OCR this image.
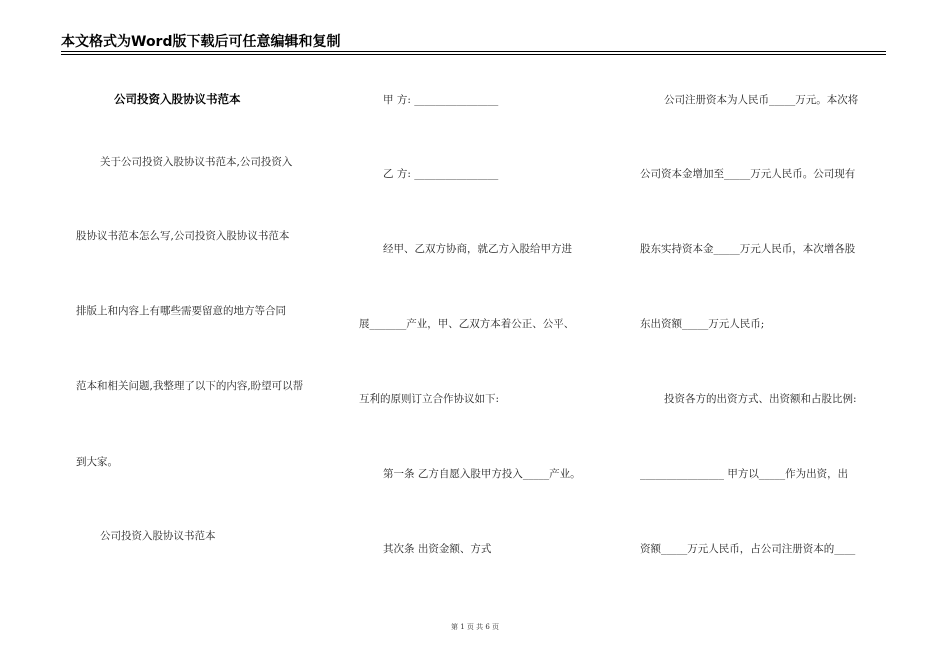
本文格式为Word版下载后可任意编辑和复制
公司投资入股协议书范本
关于公司投资入股协议书范本,公司投资入
股协议书范本怎么写,公司投资入股协议书范本
排版上和内容上有哪些需要留意的地方等合同
范本和相关问题,我整理了以下的内容,盼望可以帮
到大家。
公司投资入股协议书范本
甲 方: ________________
乙 方: ________________
经甲、乙双方协商，就乙方入股给甲方进
展_______产业，甲、乙双方本着公正、公平、
互利的原则订立合作协议如下:
第一条 乙方自愿入股甲方投入_____产业。
其次条 出资金额、方式
公司注册资本为人民币_____万元。本次将
公司资本金增加至_____万元人民币。公司现有
股东实持资本金_____万元人民币，本次增各股
东出资额_____万元人民币;
投资各方的出资方式、出资额和占股比例:
________________ 甲方以_____作为出资，出
资额_____万元人民币，占公司注册资本的____
第 1 页 共 6 页
